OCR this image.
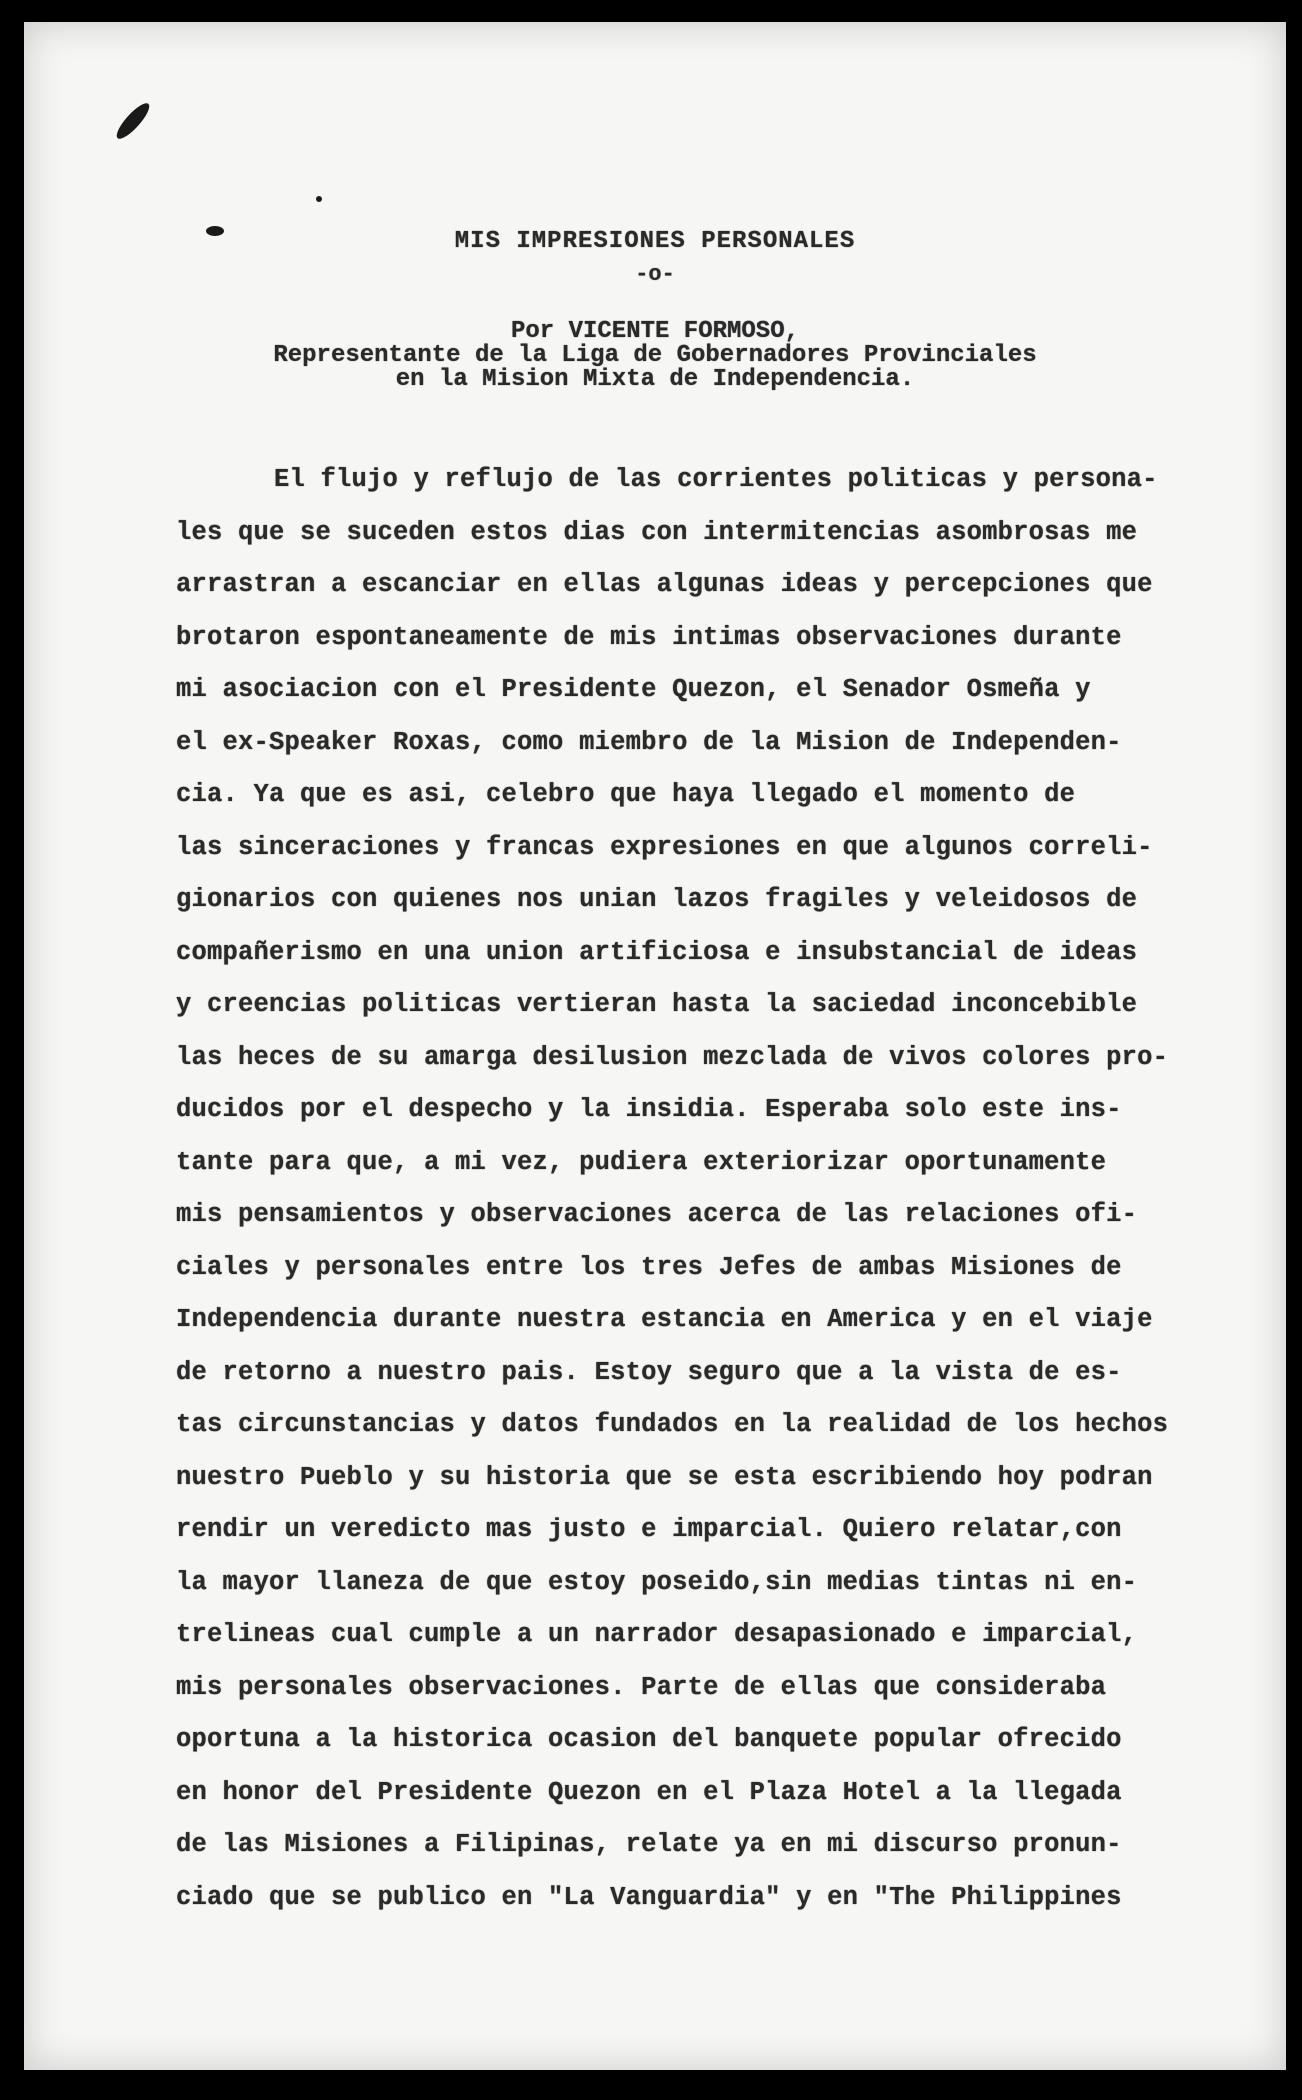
MIS IMPRESIONES PERSONALES
-o-
Por VICENTE FORMOSO,
Representante de la Liga de Gobernadores Provinciales
en la Mision Mixta de Independencia.
El flujo y reflujo de las corrientes politicas y persona-
les que se suceden estos dias con intermitencias asombrosas me
arrastran a escanciar en ellas algunas ideas y percepciones que
brotaron espontaneamente de mis intimas observaciones durante
mi asociacion con el Presidente Quezon, el Senador Osmeña y
el ex-Speaker Roxas, como miembro de la Mision de Independen-
cia. Ya que es asi, celebro que haya llegado el momento de
las sinceraciones y francas expresiones en que algunos correli-
gionarios con quienes nos unian lazos fragiles y veleidosos de
compañerismo en una union artificiosa e insubstancial de ideas
y creencias politicas vertieran hasta la saciedad inconcebible
las heces de su amarga desilusion mezclada de vivos colores pro-
ducidos por el despecho y la insidia. Esperaba solo este ins-
tante para que, a mi vez, pudiera exteriorizar oportunamente
mis pensamientos y observaciones acerca de las relaciones ofi-
ciales y personales entre los tres Jefes de ambas Misiones de
Independencia durante nuestra estancia en America y en el viaje
de retorno a nuestro pais. Estoy seguro que a la vista de es-
tas circunstancias y datos fundados en la realidad de los hechos
nuestro Pueblo y su historia que se esta escribiendo hoy podran
rendir un veredicto mas justo e imparcial. Quiero relatar,con
la mayor llaneza de que estoy poseido,sin medias tintas ni en-
trelineas cual cumple a un narrador desapasionado e imparcial,
mis personales observaciones. Parte de ellas que consideraba
oportuna a la historica ocasion del banquete popular ofrecido
en honor del Presidente Quezon en el Plaza Hotel a la llegada
de las Misiones a Filipinas, relate ya en mi discurso pronun-
ciado que se publico en "La Vanguardia" y en "The Philippines
